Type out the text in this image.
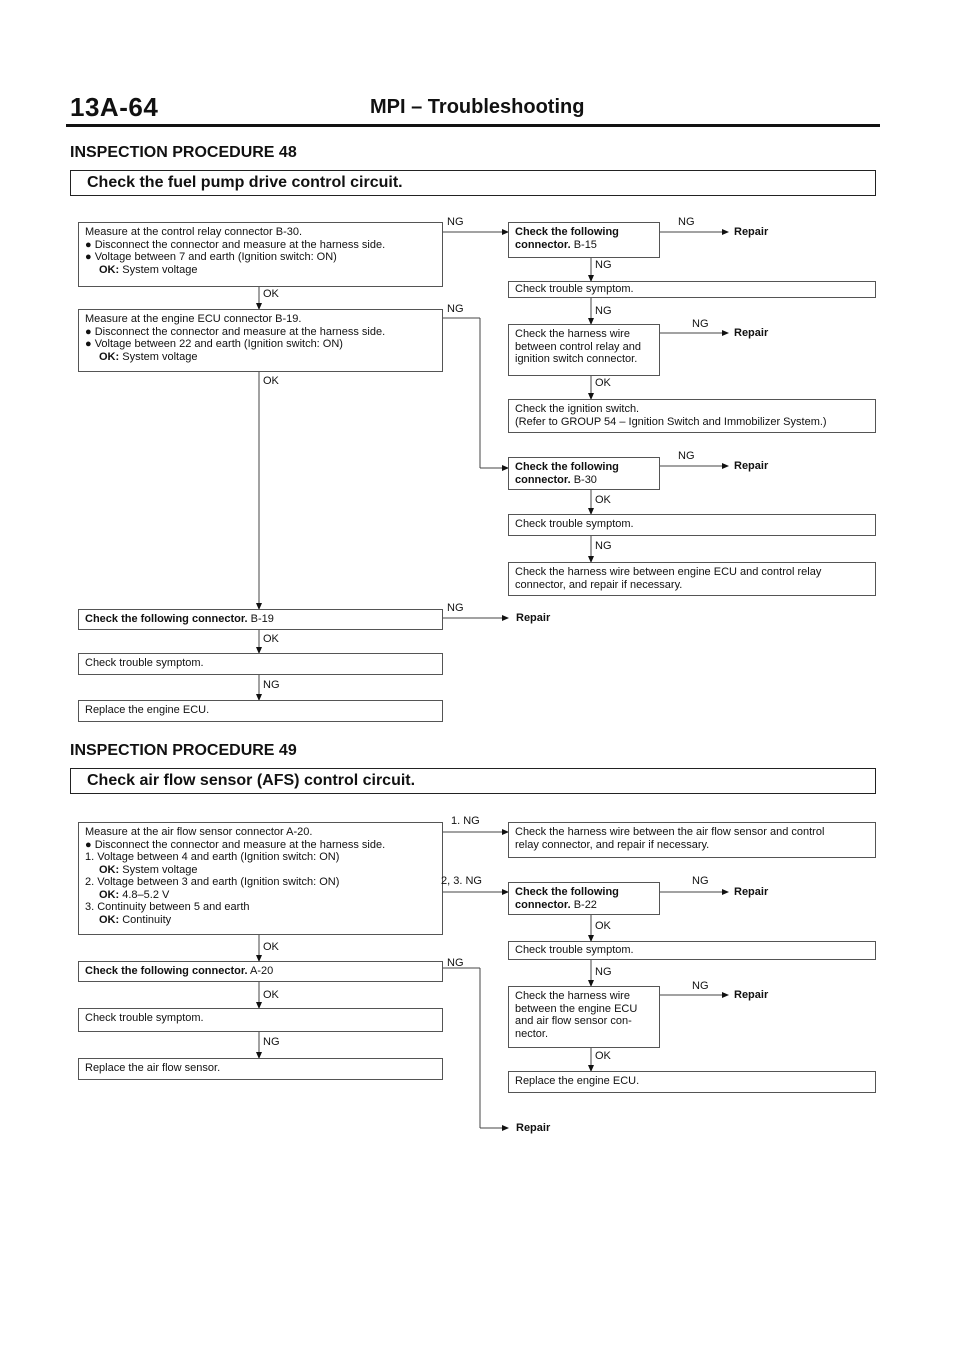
13A-64	MPI – Troubleshooting
INSPECTION PROCEDURE 48
Check the fuel pump drive control circuit.
Measure at the control relay connector B-30.
● Disconnect the connector and measure at the harness side.
● Voltage between 7 and earth (Ignition switch: ON)
OK: System voltage
Measure at the engine ECU connector B-19.
● Disconnect the connector and measure at the harness side.
● Voltage between 22 and earth (Ignition switch: ON)
OK: System voltage
Check the following connector. B-19
Check trouble symptom.
Replace the engine ECU.
Check the following
connector. B-15
Check trouble symptom.
Check the harness wire
between control relay and
ignition switch connector.
Check the ignition switch.
(Refer to GROUP 54 – Ignition Switch and Immobilizer System.)
Check the following
connector. B-30
Check trouble symptom.
Check the harness wire between engine ECU and control relay
connector, and repair if necessary.
NG	NG
Repair
NG
OK
NG	NG
NG
Repair
OK	OK
NG
Repair
OK
NG
NG
Repair
OK
NG
INSPECTION PROCEDURE 49
Check air flow sensor (AFS) control circuit.
Measure at the air flow sensor connector A-20.
● Disconnect the connector and measure at the harness side.
1. Voltage between 4 and earth (Ignition switch: ON)
OK: System voltage
2. Voltage between 3 and earth (Ignition switch: ON)
OK: 4.8–5.2 V
3. Continuity between 5 and earth
OK: Continuity
Check the following connector. A-20
Check trouble symptom.
Replace the air flow sensor.
Check the harness wire between the air flow sensor and control
relay connector, and repair if necessary.
Check the following
connector. B-22
Check trouble symptom.
Check the harness wire
between the engine ECU
and air flow sensor con-
nector.
Replace the engine ECU.
1. NG
2, 3. NG	NG
Repair
OK
OK
NG
NG
NG
Repair
OK
NG
OK
Repair
